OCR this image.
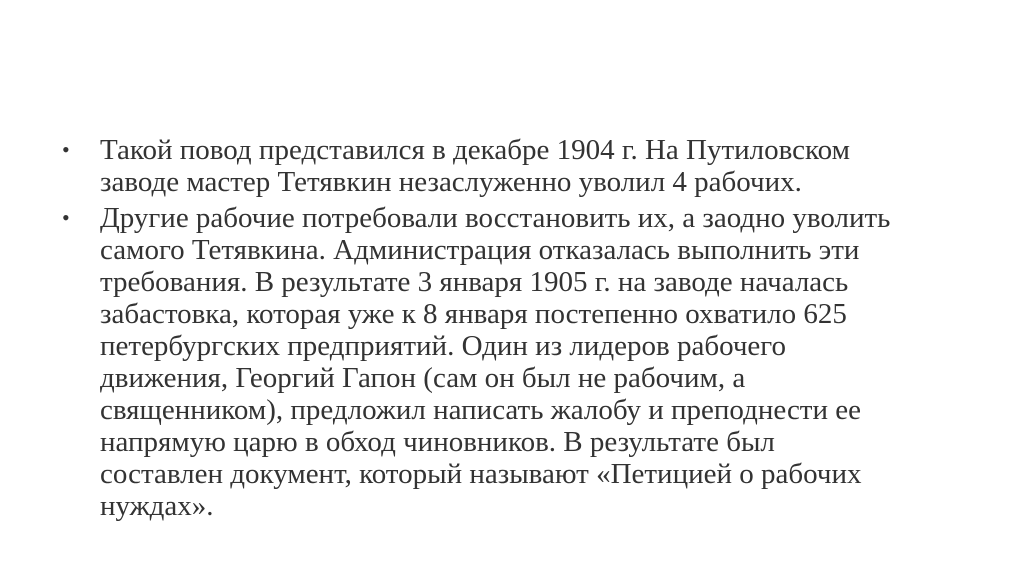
•	Такой повод представился в декабре 1904 г. На Путиловском
заводе мастер Тетявкин незаслуженно уволил 4 рабочих.
•	Другие рабочие потребовали восстановить их, а заодно уволить
самого Тетявкина. Администрация отказалась выполнить эти
требования. В результате 3 января 1905 г. на заводе началась
забастовка, которая уже к 8 января постепенно охватило 625
петербургских предприятий. Один из лидеров рабочего
движения, Георгий Гапон (сам он был не рабочим, а
священником), предложил написать жалобу и преподнести ее
напрямую царю в обход чиновников. В результате был
составлен документ, который называют «Петицией о рабочих
нуждах».
